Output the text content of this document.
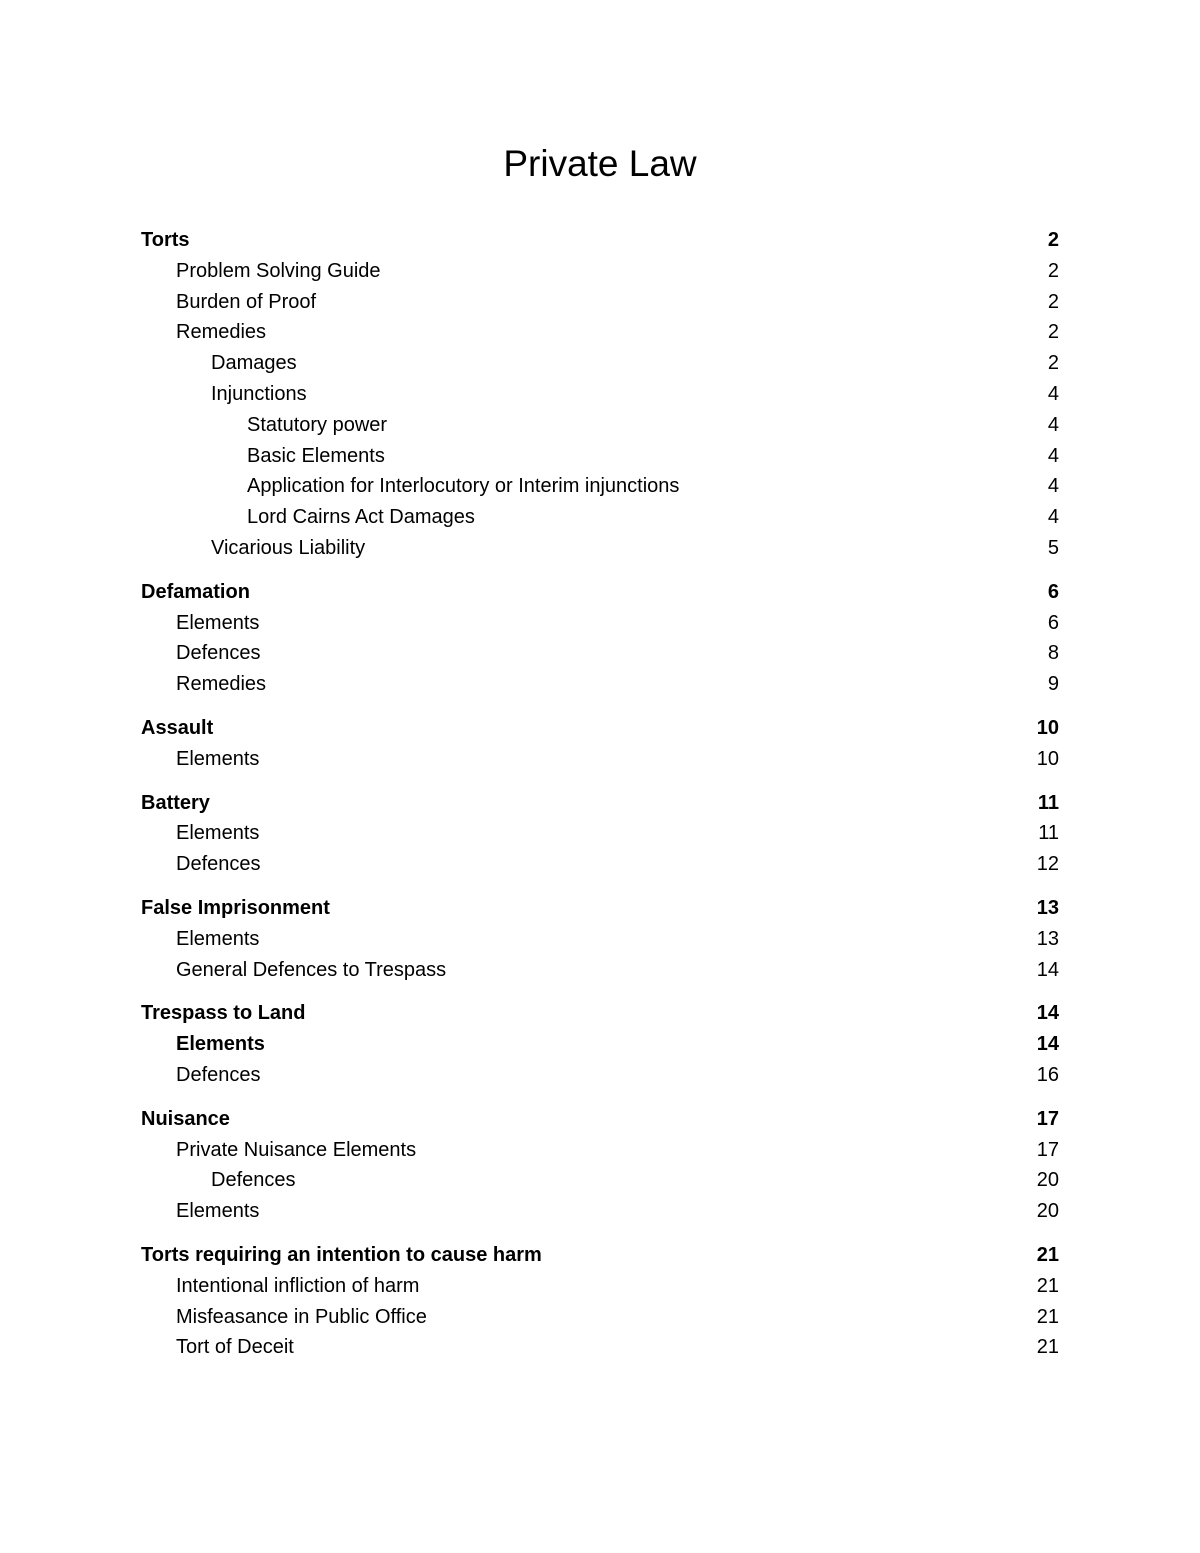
Private Law
Torts	2
Problem Solving Guide	2
Burden of Proof	2
Remedies	2
Damages	2
Injunctions	4
Statutory power	4
Basic Elements	4
Application for Interlocutory or Interim injunctions	4
Lord Cairns Act Damages	4
Vicarious Liability	5
Defamation	6
Elements	6
Defences	8
Remedies	9
Assault	10
Elements	10
Battery	11
Elements	11
Defences	12
False Imprisonment	13
Elements	13
General Defences to Trespass	14
Trespass to Land	14
Elements	14
Defences	16
Nuisance	17
Private Nuisance Elements	17
Defences	20
Elements	20
Torts requiring an intention to cause harm	21
Intentional infliction of harm	21
Misfeasance in Public Office	21
Tort of Deceit	21
